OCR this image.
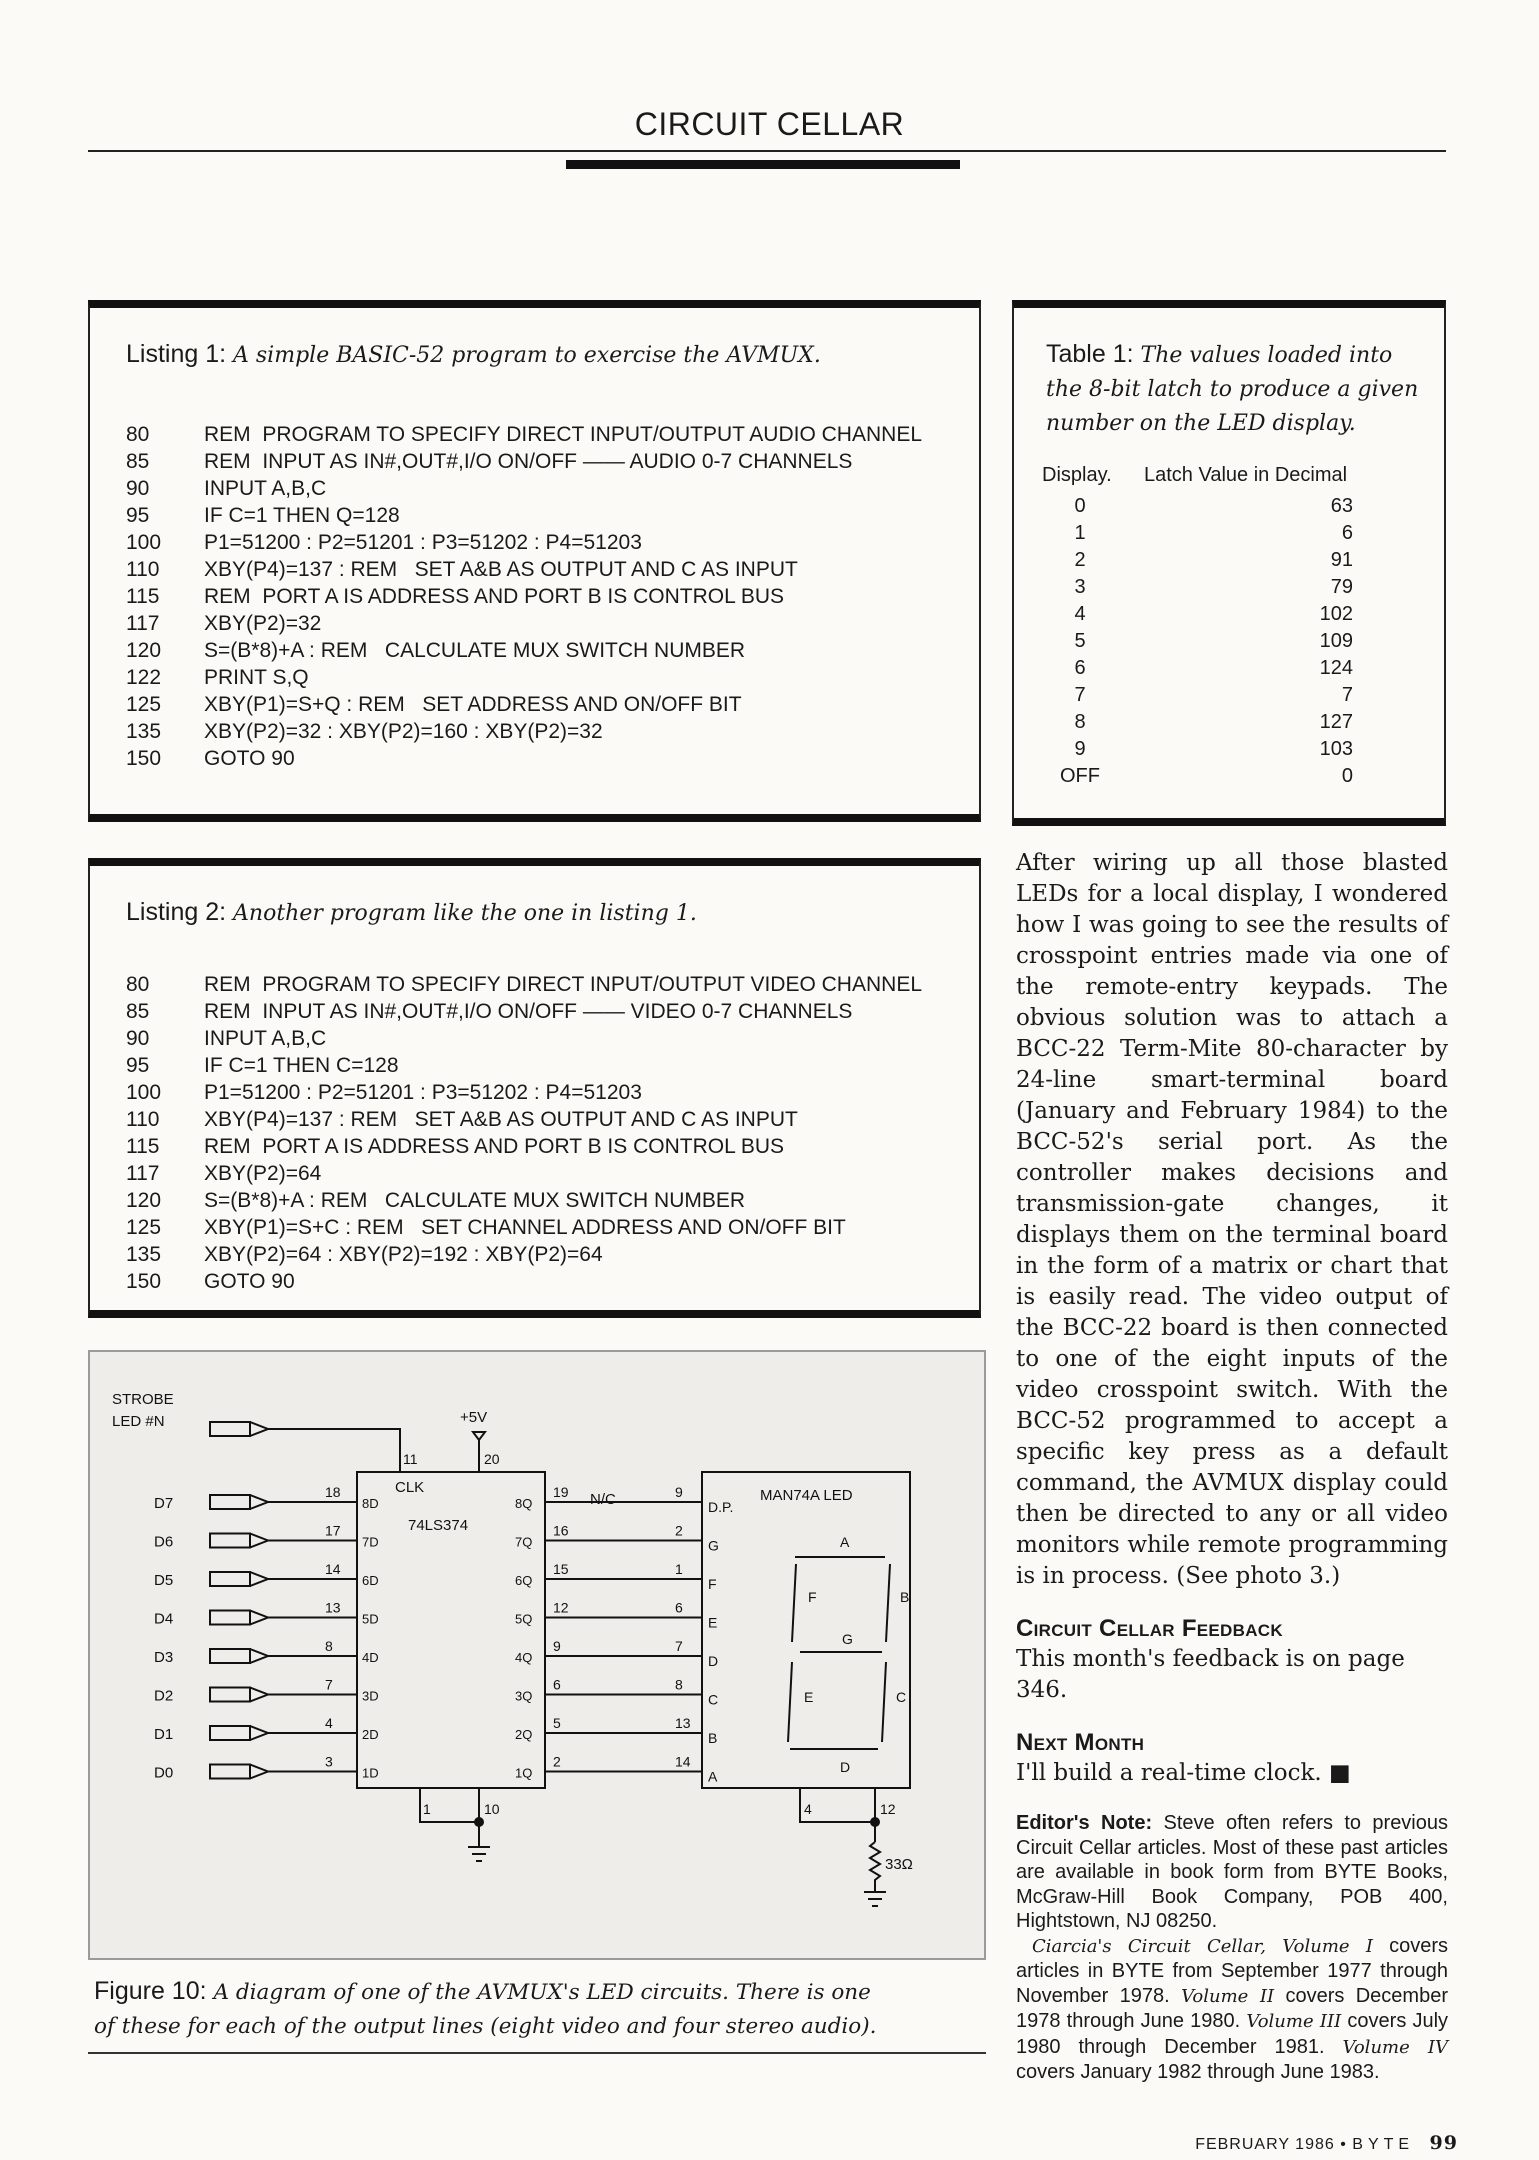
CIRCUIT CELLAR
Listing 1: A simple BASIC-52 program to exercise the AVMUX.
80	REM  PROGRAM TO SPECIFY DIRECT INPUT/OUTPUT AUDIO CHANNEL
85	REM  INPUT AS IN#,OUT#,I/O ON/OFF —— AUDIO 0-7 CHANNELS
90	INPUT A,B,C
95	IF C=1 THEN Q=128
100	P1=51200 : P2=51201 : P3=51202 : P4=51203
110	XBY(P4)=137 : REM   SET A&B AS OUTPUT AND C AS INPUT
115	REM  PORT A IS ADDRESS AND PORT B IS CONTROL BUS
117	XBY(P2)=32
120	S=(B*8)+A : REM   CALCULATE MUX SWITCH NUMBER
122	PRINT S,Q
125	XBY(P1)=S+Q : REM   SET ADDRESS AND ON/OFF BIT
135	XBY(P2)=32 : XBY(P2)=160 : XBY(P2)=32
150	GOTO 90
Listing 2: Another program like the one in listing 1.
80	REM  PROGRAM TO SPECIFY DIRECT INPUT/OUTPUT VIDEO CHANNEL
85	REM  INPUT AS IN#,OUT#,I/O ON/OFF —— VIDEO 0-7 CHANNELS
90	INPUT A,B,C
95	IF C=1 THEN C=128
100	P1=51200 : P2=51201 : P3=51202 : P4=51203
110	XBY(P4)=137 : REM   SET A&B AS OUTPUT AND C AS INPUT
115	REM  PORT A IS ADDRESS AND PORT B IS CONTROL BUS
117	XBY(P2)=64
120	S=(B*8)+A : REM   CALCULATE MUX SWITCH NUMBER
125	XBY(P1)=S+C : REM   SET CHANNEL ADDRESS AND ON/OFF BIT
135	XBY(P2)=64 : XBY(P2)=192 : XBY(P2)=64
150	GOTO 90
Table 1: The values loaded into the 8-bit latch to produce a given number on the LED display.
Display.	Latch Value in Decimal
0	63
1	6
2	91
3	79
4	102
5	109
6	124
7	7
8	127
9	103
OFF	0

After wiring up all those blasted LEDs for a local display, I wondered how I was going to see the results of crosspoint entries made via one of the remote-entry keypads. The obvious solution was to attach a BCC-22 Term-Mite 80-character by 24-line smart-terminal board (January and February 1984) to the BCC-52's serial port. As the controller makes decisions and transmission-gate changes, it displays them on the terminal board in the form of a matrix or chart that is easily read. The video output of the BCC-22 board is then connected to one of the eight inputs of the video crosspoint switch. With the BCC-52 programmed to accept a specific key press as a default command, the AVMUX display could then be directed to any or all video monitors while remote programming is in process. (See photo 3.)

Circuit Cellar Feedback
This month's feedback is on page 346.
Next Month
I'll build a real-time clock. ■

Editor's Note: Steve often refers to previous Circuit Cellar articles. Most of these past articles are available in book form from BYTE Books, McGraw-Hill Book Company, POB 400, Hightstown, NJ 08250.

Ciarcia's Circuit Cellar, Volume I covers articles in BYTE from September 1977 through November 1978. Volume II covers December 1978 through June 1980. Volume III covers July 1980 through December 1981. Volume IV covers January 1982 through June 1983.

D7
18
8D	8Q
19	9
D.P.
D6
17
7D	7Q
16	2
G
D5
14
6D	6Q
15	1
F
D4
13
5D	5Q
12	6
E
D3
8
4D	4Q
9	7
D
D2
7
3D	3Q
6	8
C
D1
4
2D	2Q
5	13
B
D0
3
1D	1Q
2	14
A
A
B
C
D
E
F
G
STROBE
LED #N	+5V
11	20
CLK
74LS374
MAN74A LED
N/C
1	10	4	12
33Ω
Figure 10: A diagram of one of the AVMUX's LED circuits. There is one of these for each of the output lines (eight video and four stereo audio).
FEBRUARY 1986 • BYTE 99
